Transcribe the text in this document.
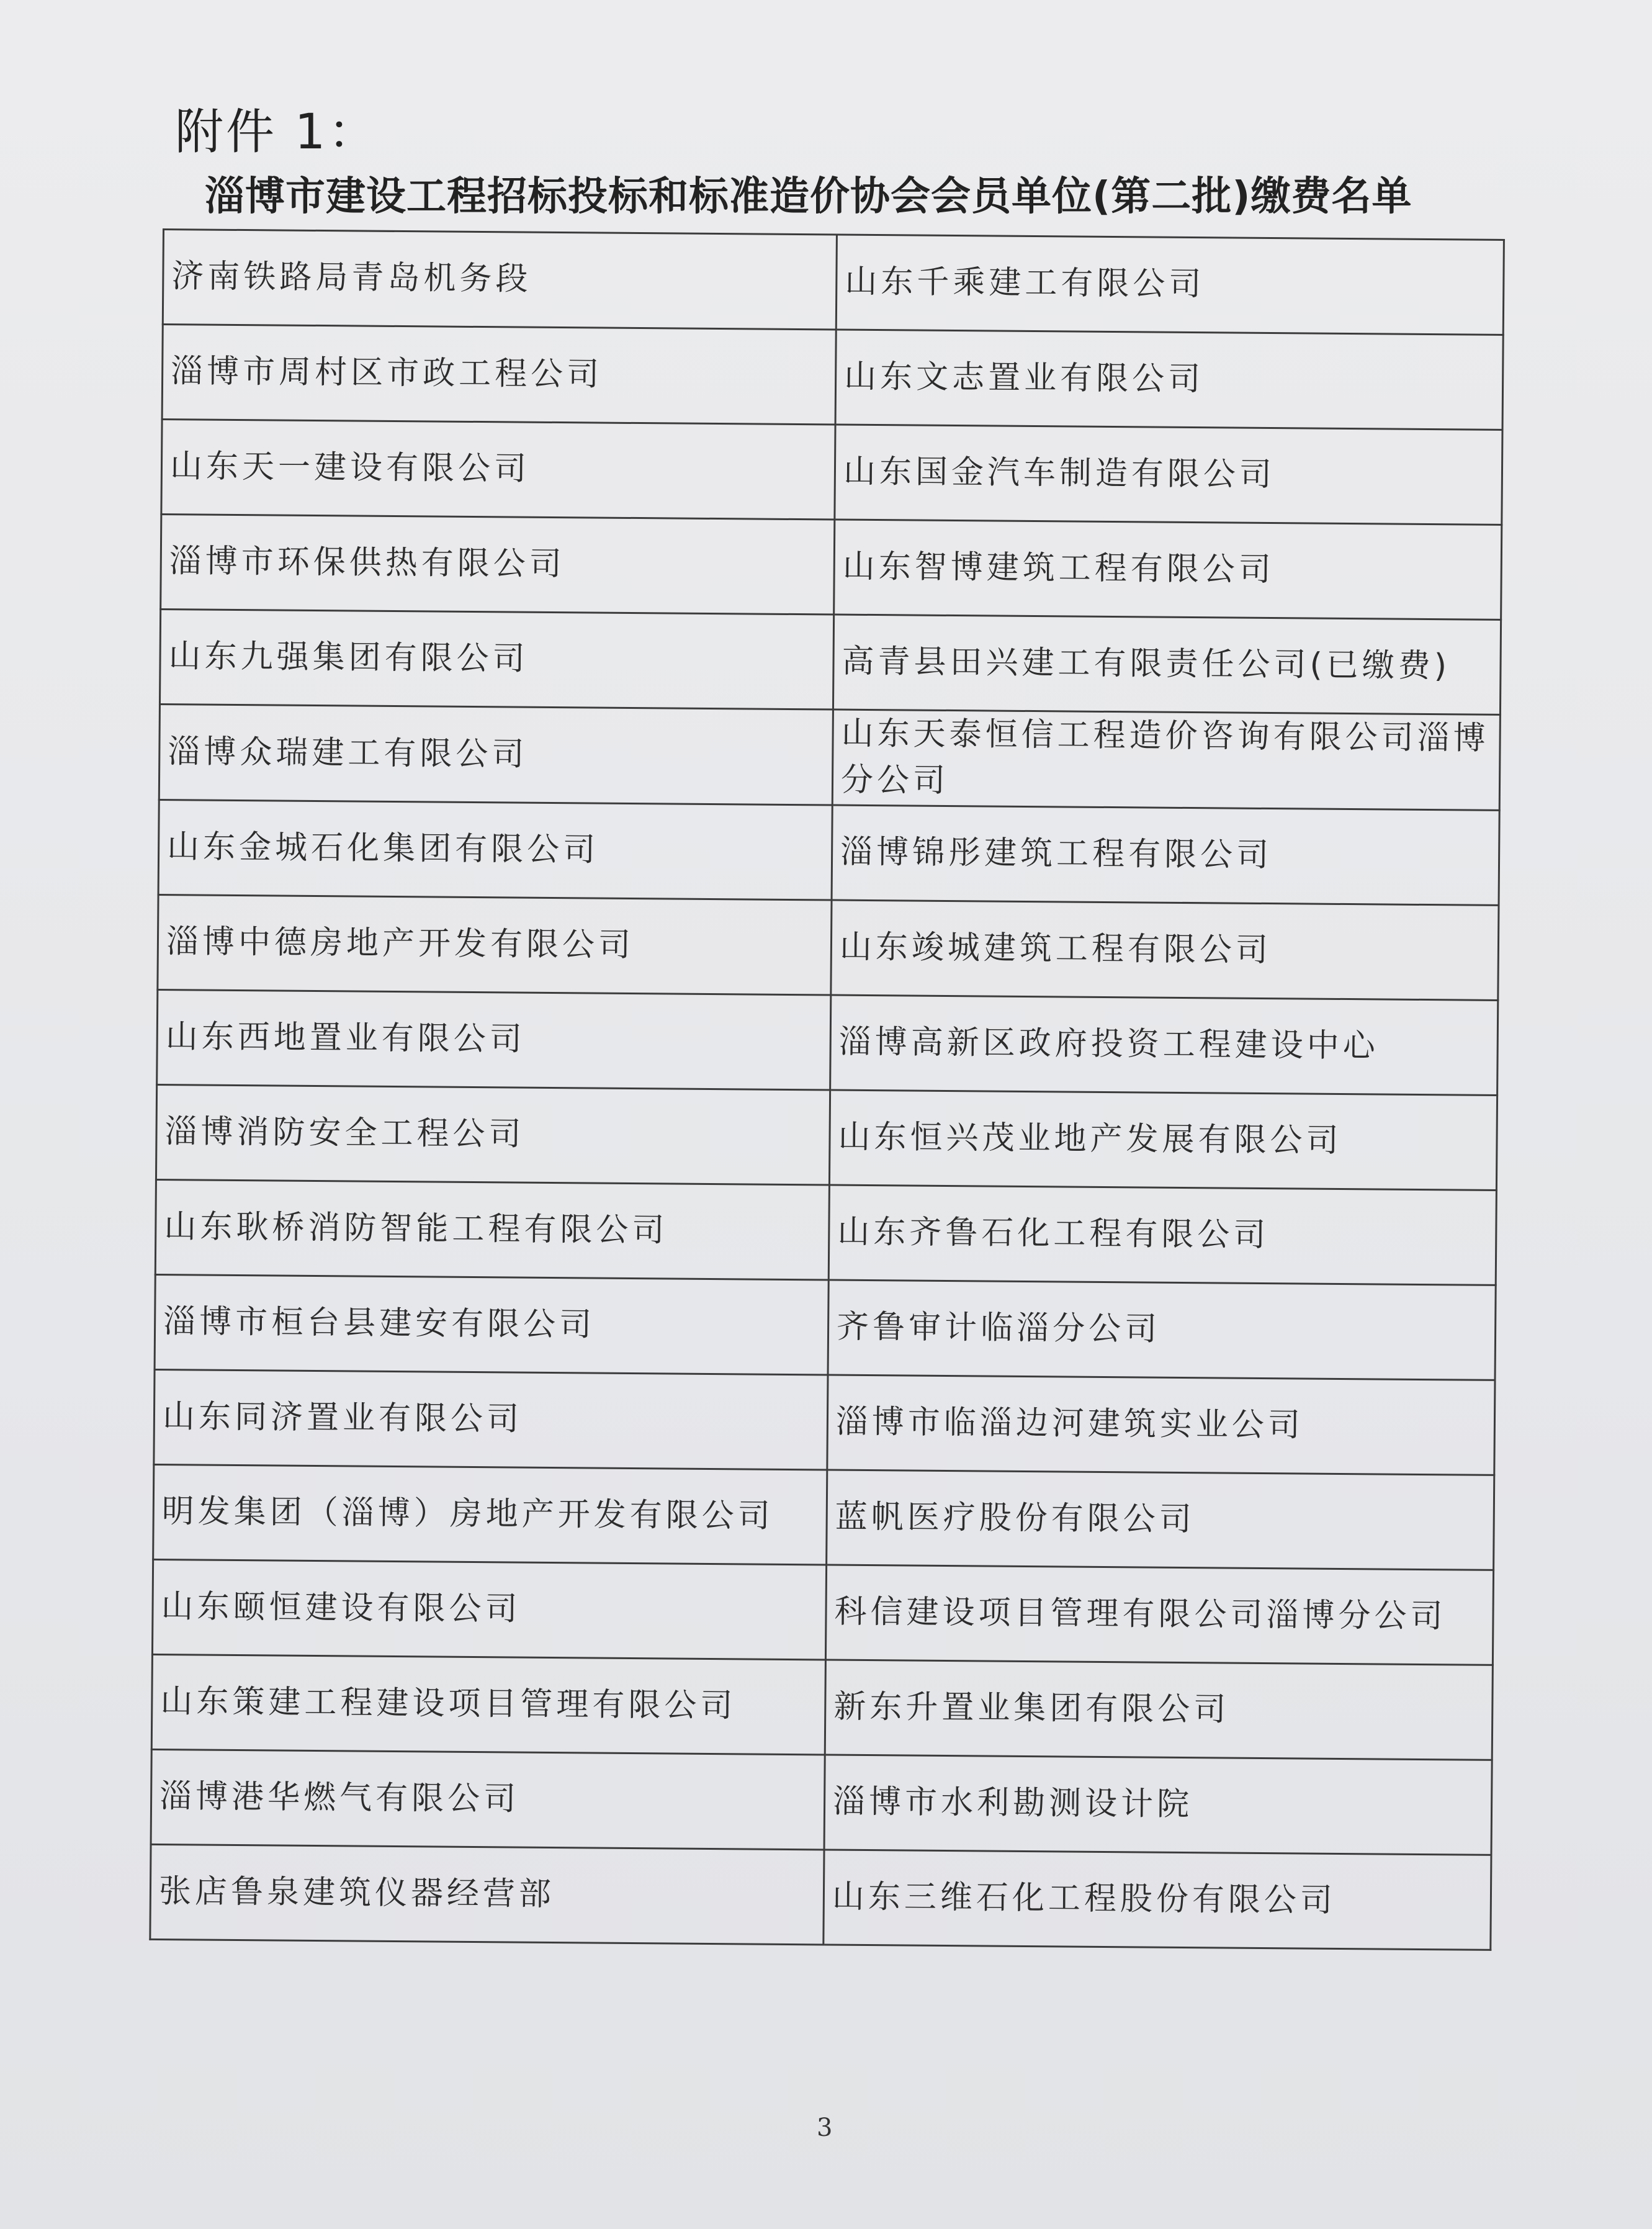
附件 1：
淄博市建设工程招标投标和标准造价协会会员单位(第二批)缴费名单
济南铁路局青岛机务段	山东千乘建工有限公司
淄博市周村区市政工程公司	山东文志置业有限公司
山东天一建设有限公司	山东国金汽车制造有限公司
淄博市环保供热有限公司	山东智博建筑工程有限公司
山东九强集团有限公司	高青县田兴建工有限责任公司(已缴费)
淄博众瑞建工有限公司	山东天泰恒信工程造价咨询有限公司淄博分公司
山东金城石化集团有限公司	淄博锦彤建筑工程有限公司
淄博中德房地产开发有限公司	山东竣城建筑工程有限公司
山东西地置业有限公司	淄博高新区政府投资工程建设中心
淄博消防安全工程公司	山东恒兴茂业地产发展有限公司
山东耿桥消防智能工程有限公司	山东齐鲁石化工程有限公司
淄博市桓台县建安有限公司	齐鲁审计临淄分公司
山东同济置业有限公司	淄博市临淄边河建筑实业公司
明发集团（淄博）房地产开发有限公司	蓝帆医疗股份有限公司
山东颐恒建设有限公司	科信建设项目管理有限公司淄博分公司
山东策建工程建设项目管理有限公司	新东升置业集团有限公司
淄博港华燃气有限公司	淄博市水利勘测设计院
张店鲁泉建筑仪器经营部	山东三维石化工程股份有限公司
3
